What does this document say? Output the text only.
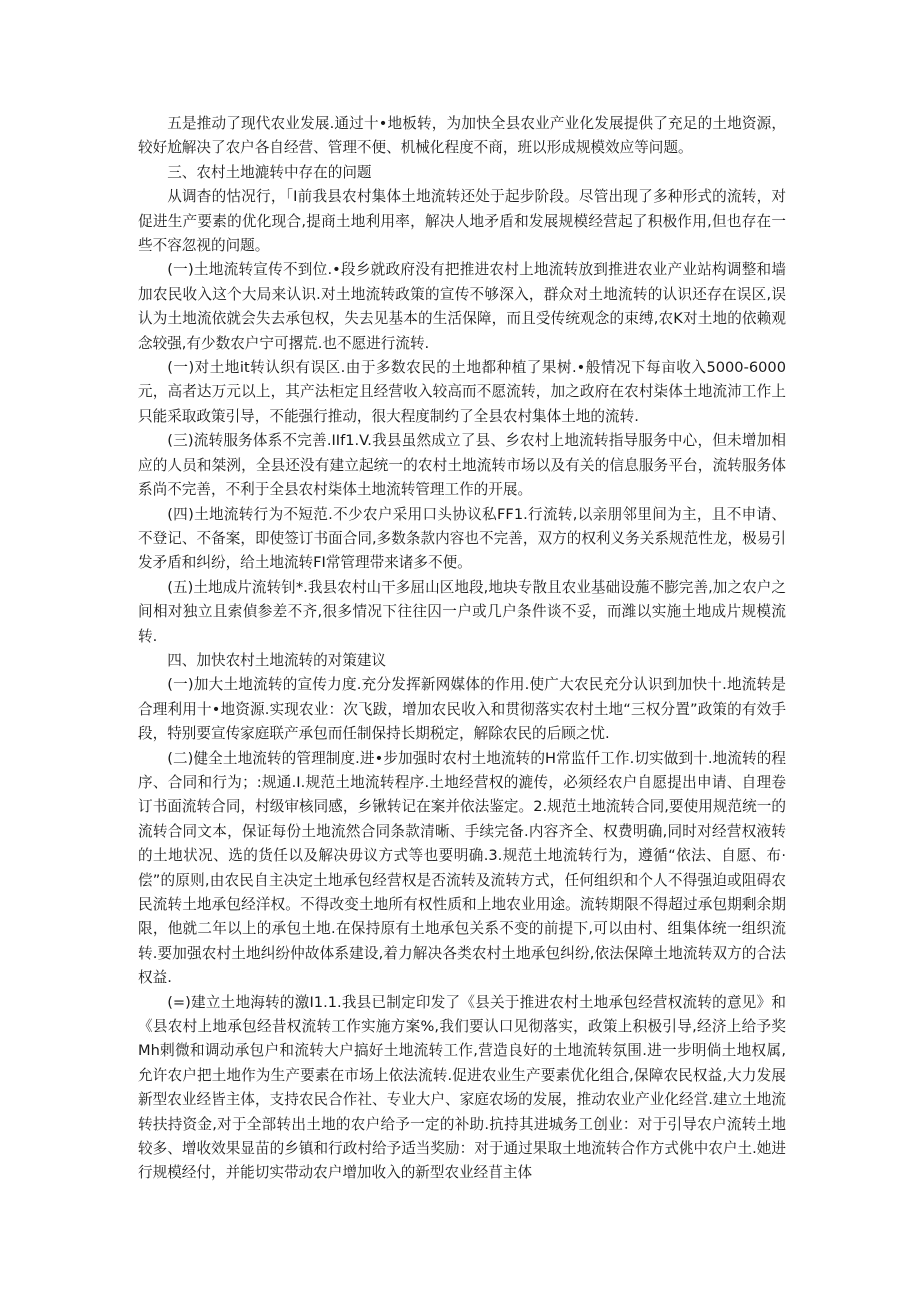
五是推动了现代农业发展.通过十•地板转，为加快全县农业产业化发展提供了充足的土地资源，较好尬解决了农户各自经营、管理不便、机械化程度不商，班以形成规模效应等问题。

三、农村土地漉转中存在的问题

从调杳的怙况行，「I前我县农村集体土地流转还处于起步阶段。尽管出现了多种形式的流转，对促进生产要素的优化现合,提商土地利用率，解决人地矛盾和发展规模经营起了积极作用,但也存在一些不容忽视的问题。

(一)土地流转宣传不到位.•段乡就政府没有把推进农村上地流转放到推进农业产业站构调整和墙加农民收入这个大局来认识.对土地流转政策的宣传不够深入，群众对土地流转的认识还存在误区,误认为土地流依就会失去承包权，失去见基本的生活保障，而且受传统观念的束缚,农K对土地的依赖观念较强,有少数农户宁可撂荒.也不愿进行流转.

(一)对土地it转认织有误区.由于多数农民的土地都种植了果树.•般情况下每亩收入5000-6000元，高者达万元以上，其产法柜定且经营收入较高而不愿流转，加之政府在农村柒体土地流沛工作上只能采取政策引导，不能强行推动，很大程度制约了全县农村集体土地的流转.

(三)流转服务体系不完善.IIf1.V.我县虽然成立了县、乡农村上地流转指导服务中心，但未增加相应的人员和桀洌，全县还没有建立起统一的农村土地流转市场以及有关的信息服务平台，流转服务体系尚不完善，不利于全县农村柒体土地流转管理工作的开展。

(四)土地流转行为不短范.不少农户采用口头协议私FF1.行流转,以亲朋邻里间为主，且不申请、不登记、不备案，即使签订书面合同,多数条款内容也不完善，双方的权利义务关系规范性龙，极易引发矛盾和纠纷，给土地流转FI常管理带来诸多不便。

(五)土地成片流转钊*.我县农村山干多屈山区地段,地块专散且农业基础设葹不膨完善,加之农户之间相对独立且索偵参差不齐,很多情况下往往囚一户或几户条件谈不妥，而潍以实施土地成片规模流转.

四、加快农村土地流转的对策建议

(一)加大土地流转的宣传力度.充分发挥新网媒体的作用.使广大农民充分认识到加快十.地流转是合理利用十•地资源.实现农业：次飞跋，增加农民收入和贯彻落实农村土地“三权分置”政策的有效手段，特别要宣传家庭联产承包而任制保持长期税定，解除农民的后顾之忧.

(二)健全土地流转的管理制度.进•步加强时农村土地流转的H常监仟工作.切实做到十.地流转的程序、合同和行为；:规通.I.规范土地流转程序.土地经营权的漉传，必须经农户自愿提出申请、自理卷订书面流转合同，村级审核同感，乡锹转记在案并依法鉴定。2.规范土地流转合同,要使用规范统一的流转合同文本，保证每份土地流然合同条款清晰、手续完备.内容齐全、权费明确,同时对经营权液转的土地状况、选的货任以及解决毋议方式等也要明确.3.规范土地流转行为，遵循“依法、自愿、布·偿”的原则,由农民自主决定土地承包经营权是否流转及流转方式，任何组织和个人不得强迫或阻碍农民流转土地承包经洋权。不得改变土地所有权性质和上地农业用途。流转期限不得超过承包期剩余期限，他就二年以上的承包土地.在保持原有土地承包关系不变的前提下,可以由村、组集体统一组织流转.要加强农村土地纠纷仲故体系建设,着力解决各类农村土地承包纠纷,依法保障土地流转双方的合法权益.

(=)建立土地海转的激I1.1.我县已制定印发了《县关于推进农村土地承包经营权流转的意见》和《县农村上地承包经昔权流转工作实施方案%,我们要认口见彻落实，政策上积极引导,经济上给予奖Mh剌微和调动承包户和流转大户搞好土地流转工作,营造良好的土地流转氛围.进一步明倘土地权属,允许农户把土地作为生产要素在市场上依法流转.促进农业生产要素优化组合,保障农民权益,大力发展新型农业经皆主体，支持农民合作社、专业大户、家庭农场的发展，推动农业产业化经営.建立土地流转扶持资金,对于全部转出土地的农户给予一定的补助.抗持其进城务工创业：对于引导农户流转土地较多、增收效果显苗的乡镇和行政村给予适当奖励：对于通过果取土地流转合作方式佻中农户土.她进行规模经付，并能切实带动农户增加收入的新型农业经苜主体
